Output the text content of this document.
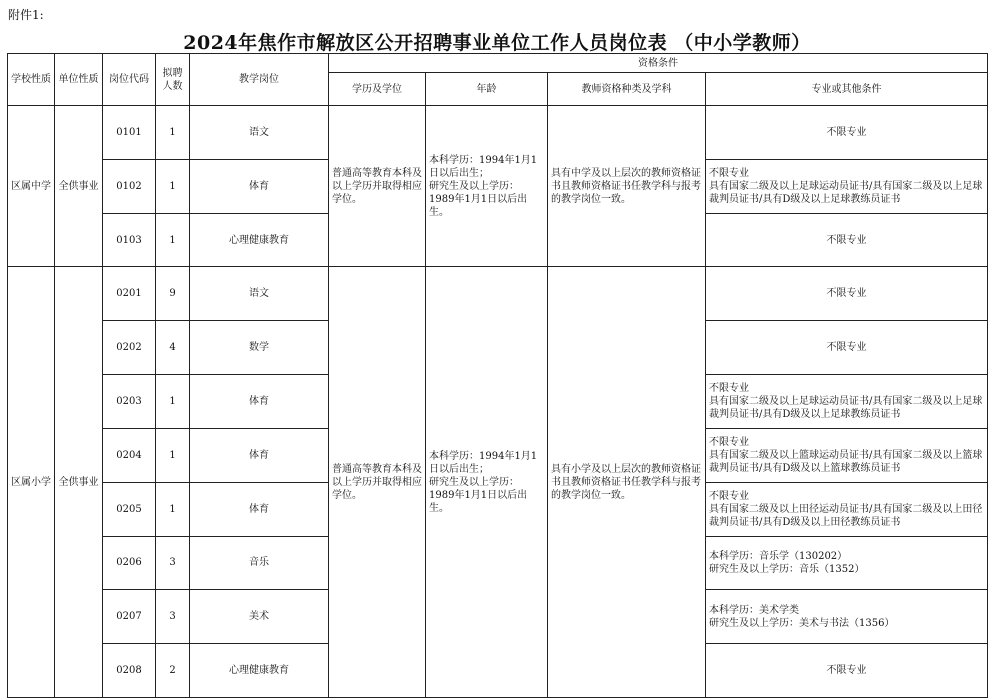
附件1:
2024年焦作市解放区公开招聘事业单位工作人员岗位表 （中小学教师）
学校性质	单位性质	岗位代码	拟聘人数	教学岗位	资格条件			
					学历及学位	年龄	教师资格种类及学科	专业或其他条件
区属中学	全供事业	0101	1	语文	普通高等教育本科及以上学历并取得相应学位。	本科学历：1994年1月1日以后出生；
研究生及以上学历：1989年1月1日以后出生。	具有中学及以上层次的教师资格证书且教师资格证书任教学科与报考的教学岗位一致。	不限专业
		0102	1	体育				不限专业
具有国家二级及以上足球运动员证书/具有国家二级及以上足球裁判员证书/具有D级及以上足球教练员证书
		0103	1	心理健康教育				不限专业
区属小学	全供事业	0201	9	语文	普通高等教育本科及以上学历并取得相应学位。	本科学历：1994年1月1日以后出生；
研究生及以上学历：1989年1月1日以后出生。	具有小学及以上层次的教师资格证书且教师资格证书任教学科与报考的教学岗位一致。	不限专业
		0202	4	数学				不限专业
		0203	1	体育				不限专业
具有国家二级及以上足球运动员证书/具有国家二级及以上足球裁判员证书/具有D级及以上足球教练员证书
		0204	1	体育				不限专业
具有国家二级及以上篮球运动员证书/具有国家二级及以上篮球裁判员证书/具有D级及以上篮球教练员证书
		0205	1	体育				不限专业
具有国家二级及以上田径运动员证书/具有国家二级及以上田径裁判员证书/具有D级及以上田径教练员证书
		0206	3	音乐				本科学历：音乐学（130202）
研究生及以上学历：音乐（1352）
		0207	3	美术				本科学历：美术学类
研究生及以上学历：美术与书法（1356）
		0208	2	心理健康教育				不限专业
